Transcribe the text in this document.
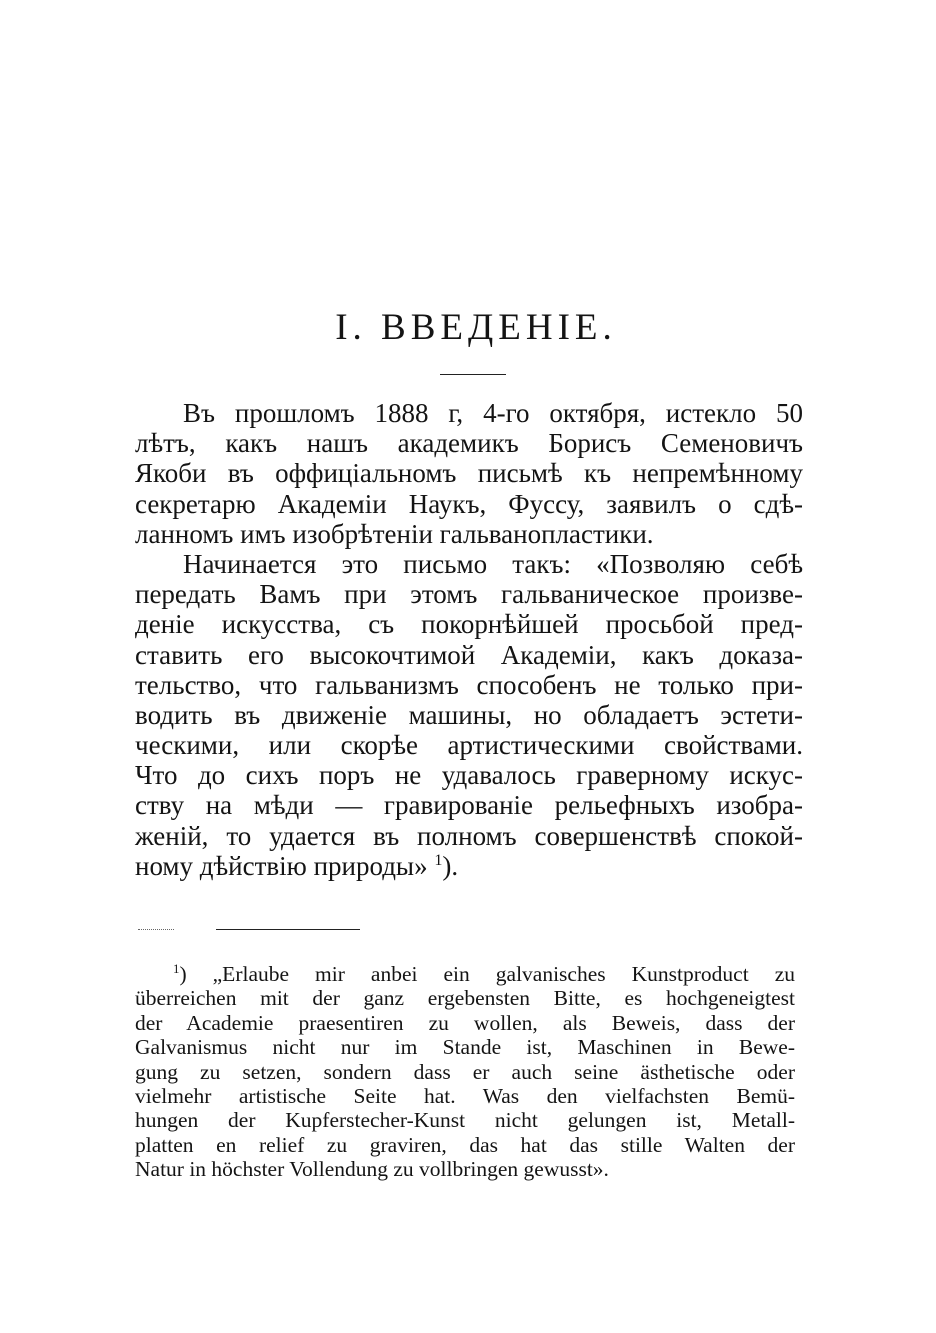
I. ВВЕДЕНІЕ.
Въ прошломъ 1888 г, 4-го октября, истекло 50
лѣтъ, какъ нашъ академикъ Борисъ Семеновичъ
Якоби въ оффиціальномъ письмѣ къ непремѣнному
секретарю Академіи Наукъ, Фуссу, заявилъ о сдѣ-
ланномъ имъ изобрѣтеніи гальванопластики.
Начинается это письмо такъ: «Позволяю себѣ
передать Вамъ при этомъ гальваническое произве-
деніе искусства, съ покорнѣйшей просьбой пред-
ставить его высокочтимой Академіи, какъ доказа-
тельство, что гальванизмъ способенъ не только при-
водить въ движеніе машины, но обладаетъ эстети-
ческими, или скорѣе артистическими свойствами.
Что до сихъ поръ не удавалось граверному искус-
ству на мѣди — гравированіе рельефныхъ изобра-
женій, то удается въ полномъ совершенствѣ спокой-
ному дѣйствію природы» $^1$).
$^1$) „Erlaube mir anbei ein galvanisches Kunstproduct zu
überreichen mit der ganz ergebensten Bitte, es hochgeneigtest
der Academie praesentiren zu wollen, als Beweis, dass der
Galvanismus nicht nur im Stande ist, Maschinen in Bewe-
gung zu setzen, sondern dass er auch seine ästhetische oder
vielmehr artistische Seite hat. Was den vielfachsten Bemü-
hungen der Kupferstecher-Kunst nicht gelungen ist, Metall-
platten en relief zu graviren, das hat das stille Walten der
Natur in höchster Vollendung zu vollbringen gewusst».
